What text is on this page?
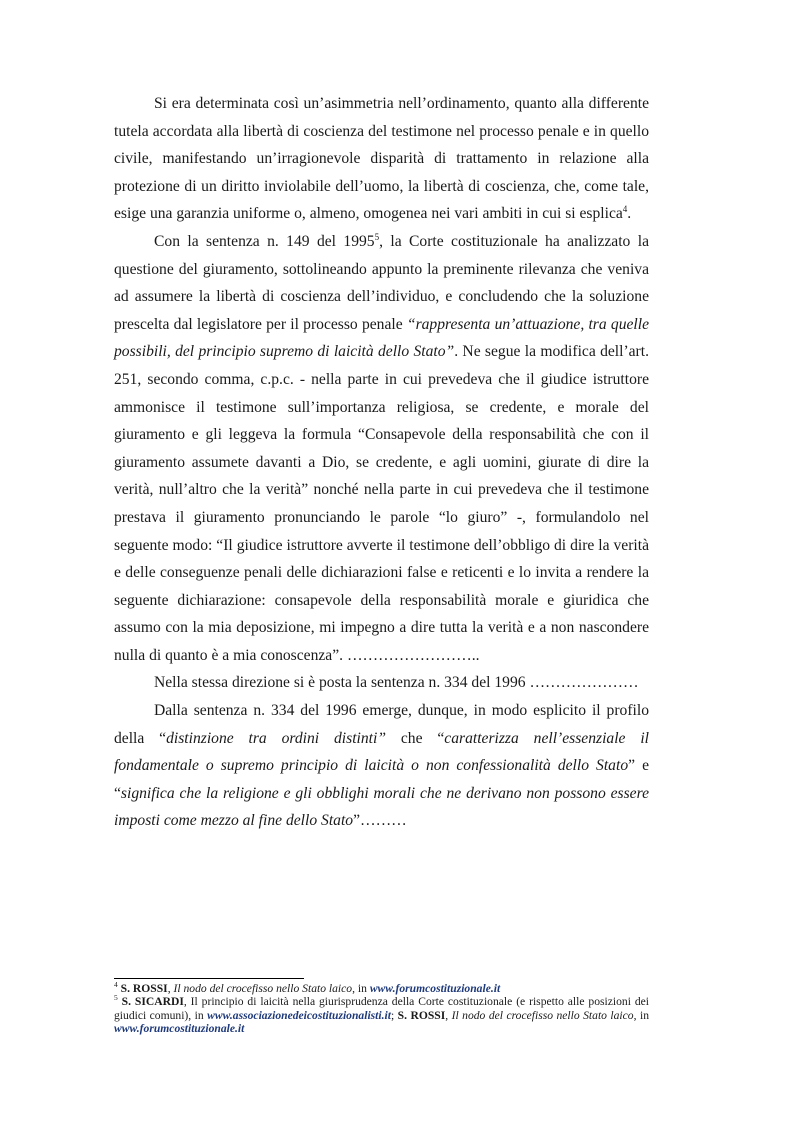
Si era determinata così un’asimmetria nell’ordinamento, quanto alla differente tutela accordata alla libertà di coscienza del testimone nel processo penale e in quello civile, manifestando un’irragionevole disparità di trattamento in relazione alla protezione di un diritto inviolabile dell’uomo, la libertà di coscienza, che, come tale, esige una garanzia uniforme o, almeno, omogenea nei vari ambiti in cui si esplica$^4$.

Con la sentenza n. 149 del 1995$^5$, la Corte costituzionale ha analizzato la questione del giuramento, sottolineando appunto la preminente rilevanza che veniva ad assumere la libertà di coscienza dell’individuo, e concludendo che la soluzione prescelta dal legislatore per il processo penale “rappresenta un’attuazione, tra quelle possibili, del principio supremo di laicità dello Stato”. Ne segue la modifica dell’art. 251, secondo comma, c.p.c. - nella parte in cui prevedeva che il giudice istruttore ammonisce il testimone sull’importanza religiosa, se credente, e morale del giuramento e gli leggeva la formula “Consapevole della responsabilità che con il giuramento assumete davanti a Dio, se credente, e agli uomini, giurate di dire la verità, null’altro che la verità” nonché nella parte in cui prevedeva che il testimone prestava il giuramento pronunciando le parole “lo giuro” -, formulandolo nel seguente modo: “Il giudice istruttore avverte il testimone dell’obbligo di dire la verità e delle conseguenze penali delle dichiarazioni false e reticenti e lo invita a rendere la seguente dichiarazione: consapevole della responsabilità morale e giuridica che assumo con la mia deposizione, mi impegno a dire tutta la verità e a non nascondere nulla di quanto è a mia conoscenza”. ……………………..

Nella stessa direzione si è posta la sentenza n. 334 del 1996 …………………

Dalla sentenza n. 334 del 1996 emerge, dunque, in modo esplicito il profilo della “distinzione tra ordini distinti” che “caratterizza nell’essenziale il fondamentale o supremo principio di laicità o non confessionalità dello Stato” e “significa che la religione e gli obblighi morali che ne derivano non possono essere imposti come mezzo al fine dello Stato”………

$^4$ S. ROSSI, Il nodo del crocefisso nello Stato laico, in www.forumcostituzionale.it

$^5$ S. SICARDI, Il principio di laicità nella giurisprudenza della Corte costituzionale (e rispetto alle posizioni dei giudici comuni), in www.associazionedeicostituzionalisti.it; S. ROSSI, Il nodo del crocefisso nello Stato laico, in www.forumcostituzionale.it
